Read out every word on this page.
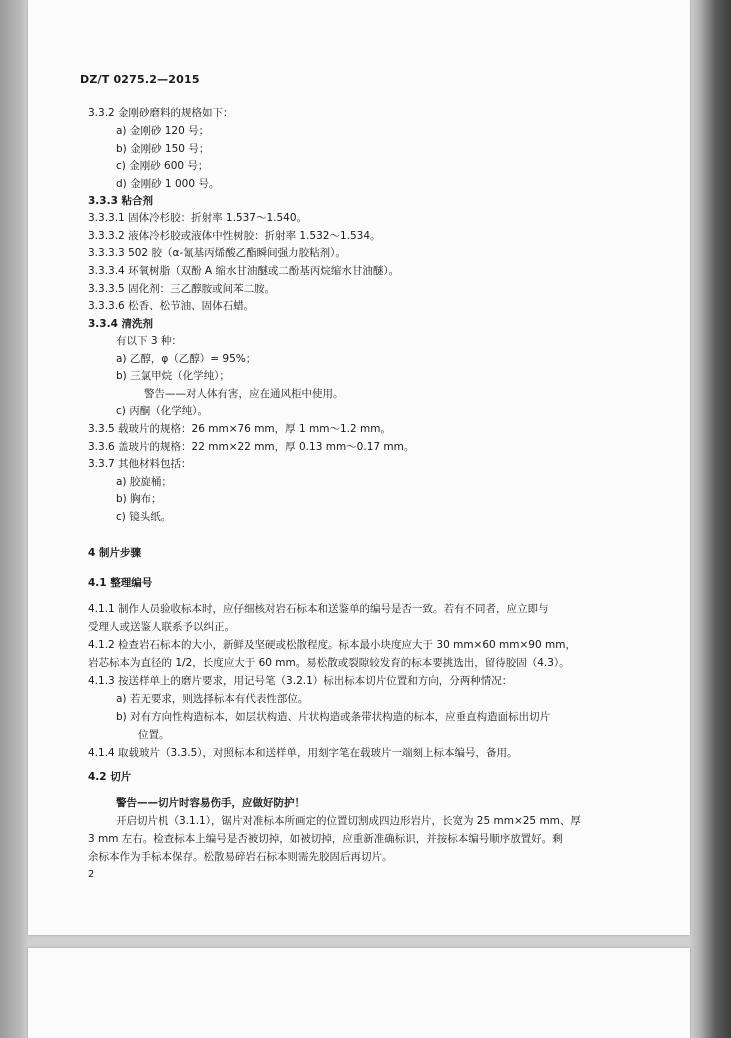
DZ/T 0275.2—2015
3.3.2 金刚砂磨料的规格如下：
a) 金刚砂 120 号；
b) 金刚砂 150 号；
c) 金刚砂 600 号；
d) 金刚砂 1 000 号。
3.3.3 粘合剂
3.3.3.1 固体冷杉胶：折射率 1.537～1.540。
3.3.3.2 液体冷杉胶或液体中性树胶：折射率 1.532～1.534。
3.3.3.3 502 胶（α-氰基丙烯酸乙酯瞬间强力胶粘剂）。
3.3.3.4 环氧树脂（双酚 A 缩水甘油醚或二酚基丙烷缩水甘油醚）。
3.3.3.5 固化剂：三乙醇胺或间苯二胺。
3.3.3.6 松香、松节油、固体石蜡。
3.3.4 清洗剂
有以下 3 种：
a) 乙醇，φ（乙醇）= 95%；
b) 三氯甲烷（化学纯）；
警告——对人体有害，应在通风柜中使用。
c) 丙酮（化学纯）。
3.3.5 载玻片的规格：26 mm×76 mm，厚 1 mm～1.2 mm。
3.3.6 盖玻片的规格：22 mm×22 mm，厚 0.13 mm～0.17 mm。
3.3.7 其他材料包括：
a) 胶旋桶；
b) 胸布；
c) 镜头纸。
4 制片步骤
4.1 整理编号
4.1.1 制作人员验收标本时，应仔细核对岩石标本和送鉴单的编号是否一致。若有不同者，应立即与
受理人或送鉴人联系予以纠正。
4.1.2 检查岩石标本的大小，新鲜及坚硬或松散程度。标本最小块度应大于 30 mm×60 mm×90 mm，
岩芯标本为直径的 1/2，长度应大于 60 mm。易松散或裂隙较发育的标本要挑选出，留待胶固（4.3）。
4.1.3 按送样单上的磨片要求，用记号笔（3.2.1）标出标本切片位置和方向，分两种情况：
a) 若无要求，则选择标本有代表性部位。
b) 对有方向性构造标本，如层状构造、片状构造或条带状构造的标本，应垂直构造面标出切片
位置。
4.1.4 取载玻片（3.3.5），对照标本和送样单，用刻字笔在载玻片一端刻上标本编号，备用。
4.2 切片
警告——切片时容易伤手，应做好防护！
开启切片机（3.1.1），锯片对准标本所画定的位置切割成四边形岩片，长宽为 25 mm×25 mm、厚
3 mm 左右。检查标本上编号是否被切掉，如被切掉，应重新准确标识，并按标本编号顺序放置好。剩
余标本作为手标本保存。松散易碎岩石标本则需先胶固后再切片。
2
